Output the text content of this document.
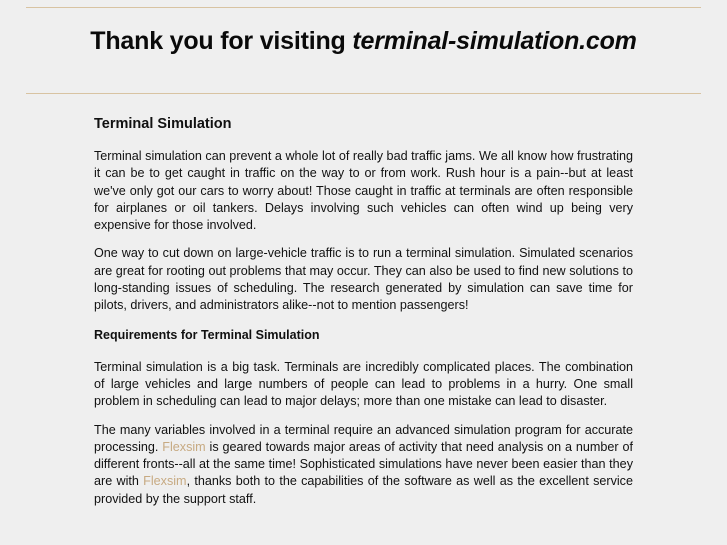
Thank you for visiting terminal-simulation.com
Terminal Simulation

Terminal simulation can prevent a whole lot of really bad traffic jams. We all know how frustrating it can be to get caught in traffic on the way to or from work. Rush hour is a pain--but at least we've only got our cars to worry about! Those caught in traffic at terminals are often responsible for airplanes or oil tankers. Delays involving such vehicles can often wind up being very expensive for those involved.

One way to cut down on large-vehicle traffic is to run a terminal simulation. Simulated scenarios are great for rooting out problems that may occur. They can also be used to find new solutions to long-standing issues of scheduling. The research generated by simulation can save time for pilots, drivers, and administrators alike--not to mention passengers!

Requirements for Terminal Simulation

Terminal simulation is a big task. Terminals are incredibly complicated places. The combination of large vehicles and large numbers of people can lead to problems in a hurry. One small problem in scheduling can lead to major delays; more than one mistake can lead to disaster.

The many variables involved in a terminal require an advanced simulation program for accurate processing. Flexsim is geared towards major areas of activity that need analysis on a number of different fronts--all at the same time! Sophisticated simulations have never been easier than they are with Flexsim, thanks both to the capabilities of the software as well as the excellent service provided by the support staff.
